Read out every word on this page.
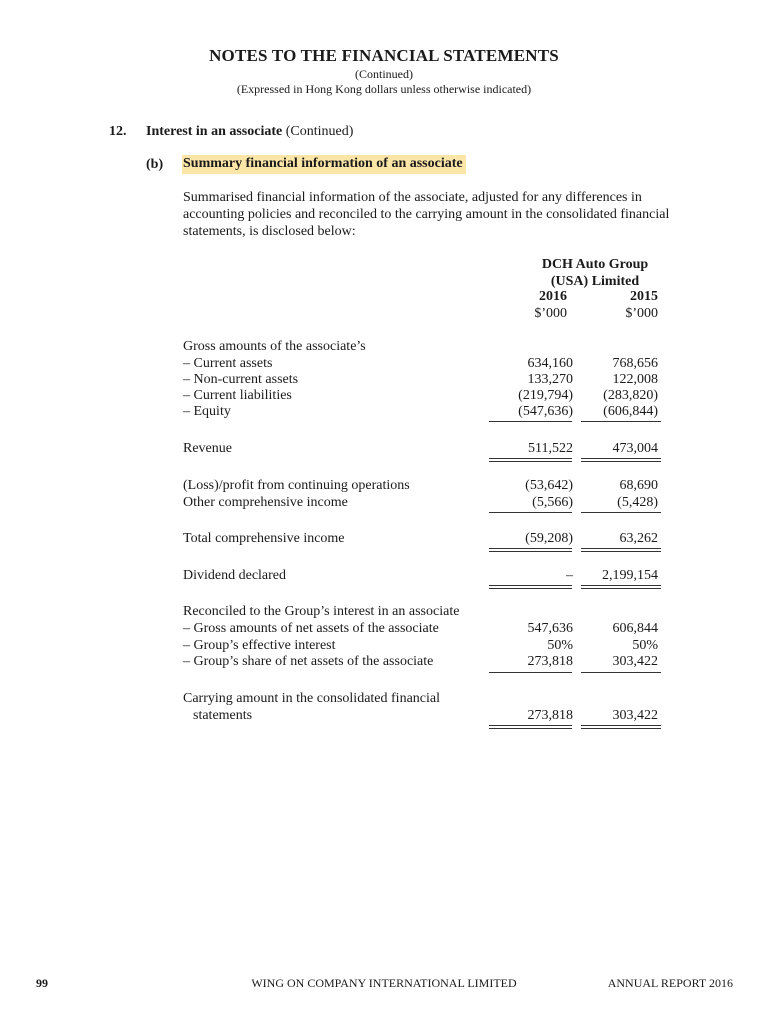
NOTES TO THE FINANCIAL STATEMENTS
(Continued)
(Expressed in Hong Kong dollars unless otherwise indicated)
12. Interest in an associate (Continued)
(b) Summary financial information of an associate
Summarised financial information of the associate, adjusted for any differences in accounting policies and reconciled to the carrying amount in the consolidated financial statements, is disclosed below:
DCH Auto Group
(USA) Limited
2016	2015
$’000	$’000
Gross amounts of the associate’s
– Current assets	634,160	768,656
– Non-current assets	133,270	122,008
– Current liabilities	(219,794)	(283,820)
– Equity	(547,636)	(606,844)
Revenue	511,522	473,004
(Loss)/profit from continuing operations	(53,642)	68,690
Other comprehensive income	(5,566)	(5,428)
Total comprehensive income	(59,208)	63,262
Dividend declared	–	2,199,154
Reconciled to the Group’s interest in an associate
– Gross amounts of net assets of the associate	547,636	606,844
– Group’s effective interest	50%	50%
– Group’s share of net assets of the associate	273,818	303,422
Carrying amount in the consolidated financial
statements	273,818	303,422
99	WING ON COMPANY INTERNATIONAL LIMITED	ANNUAL REPORT 2016
